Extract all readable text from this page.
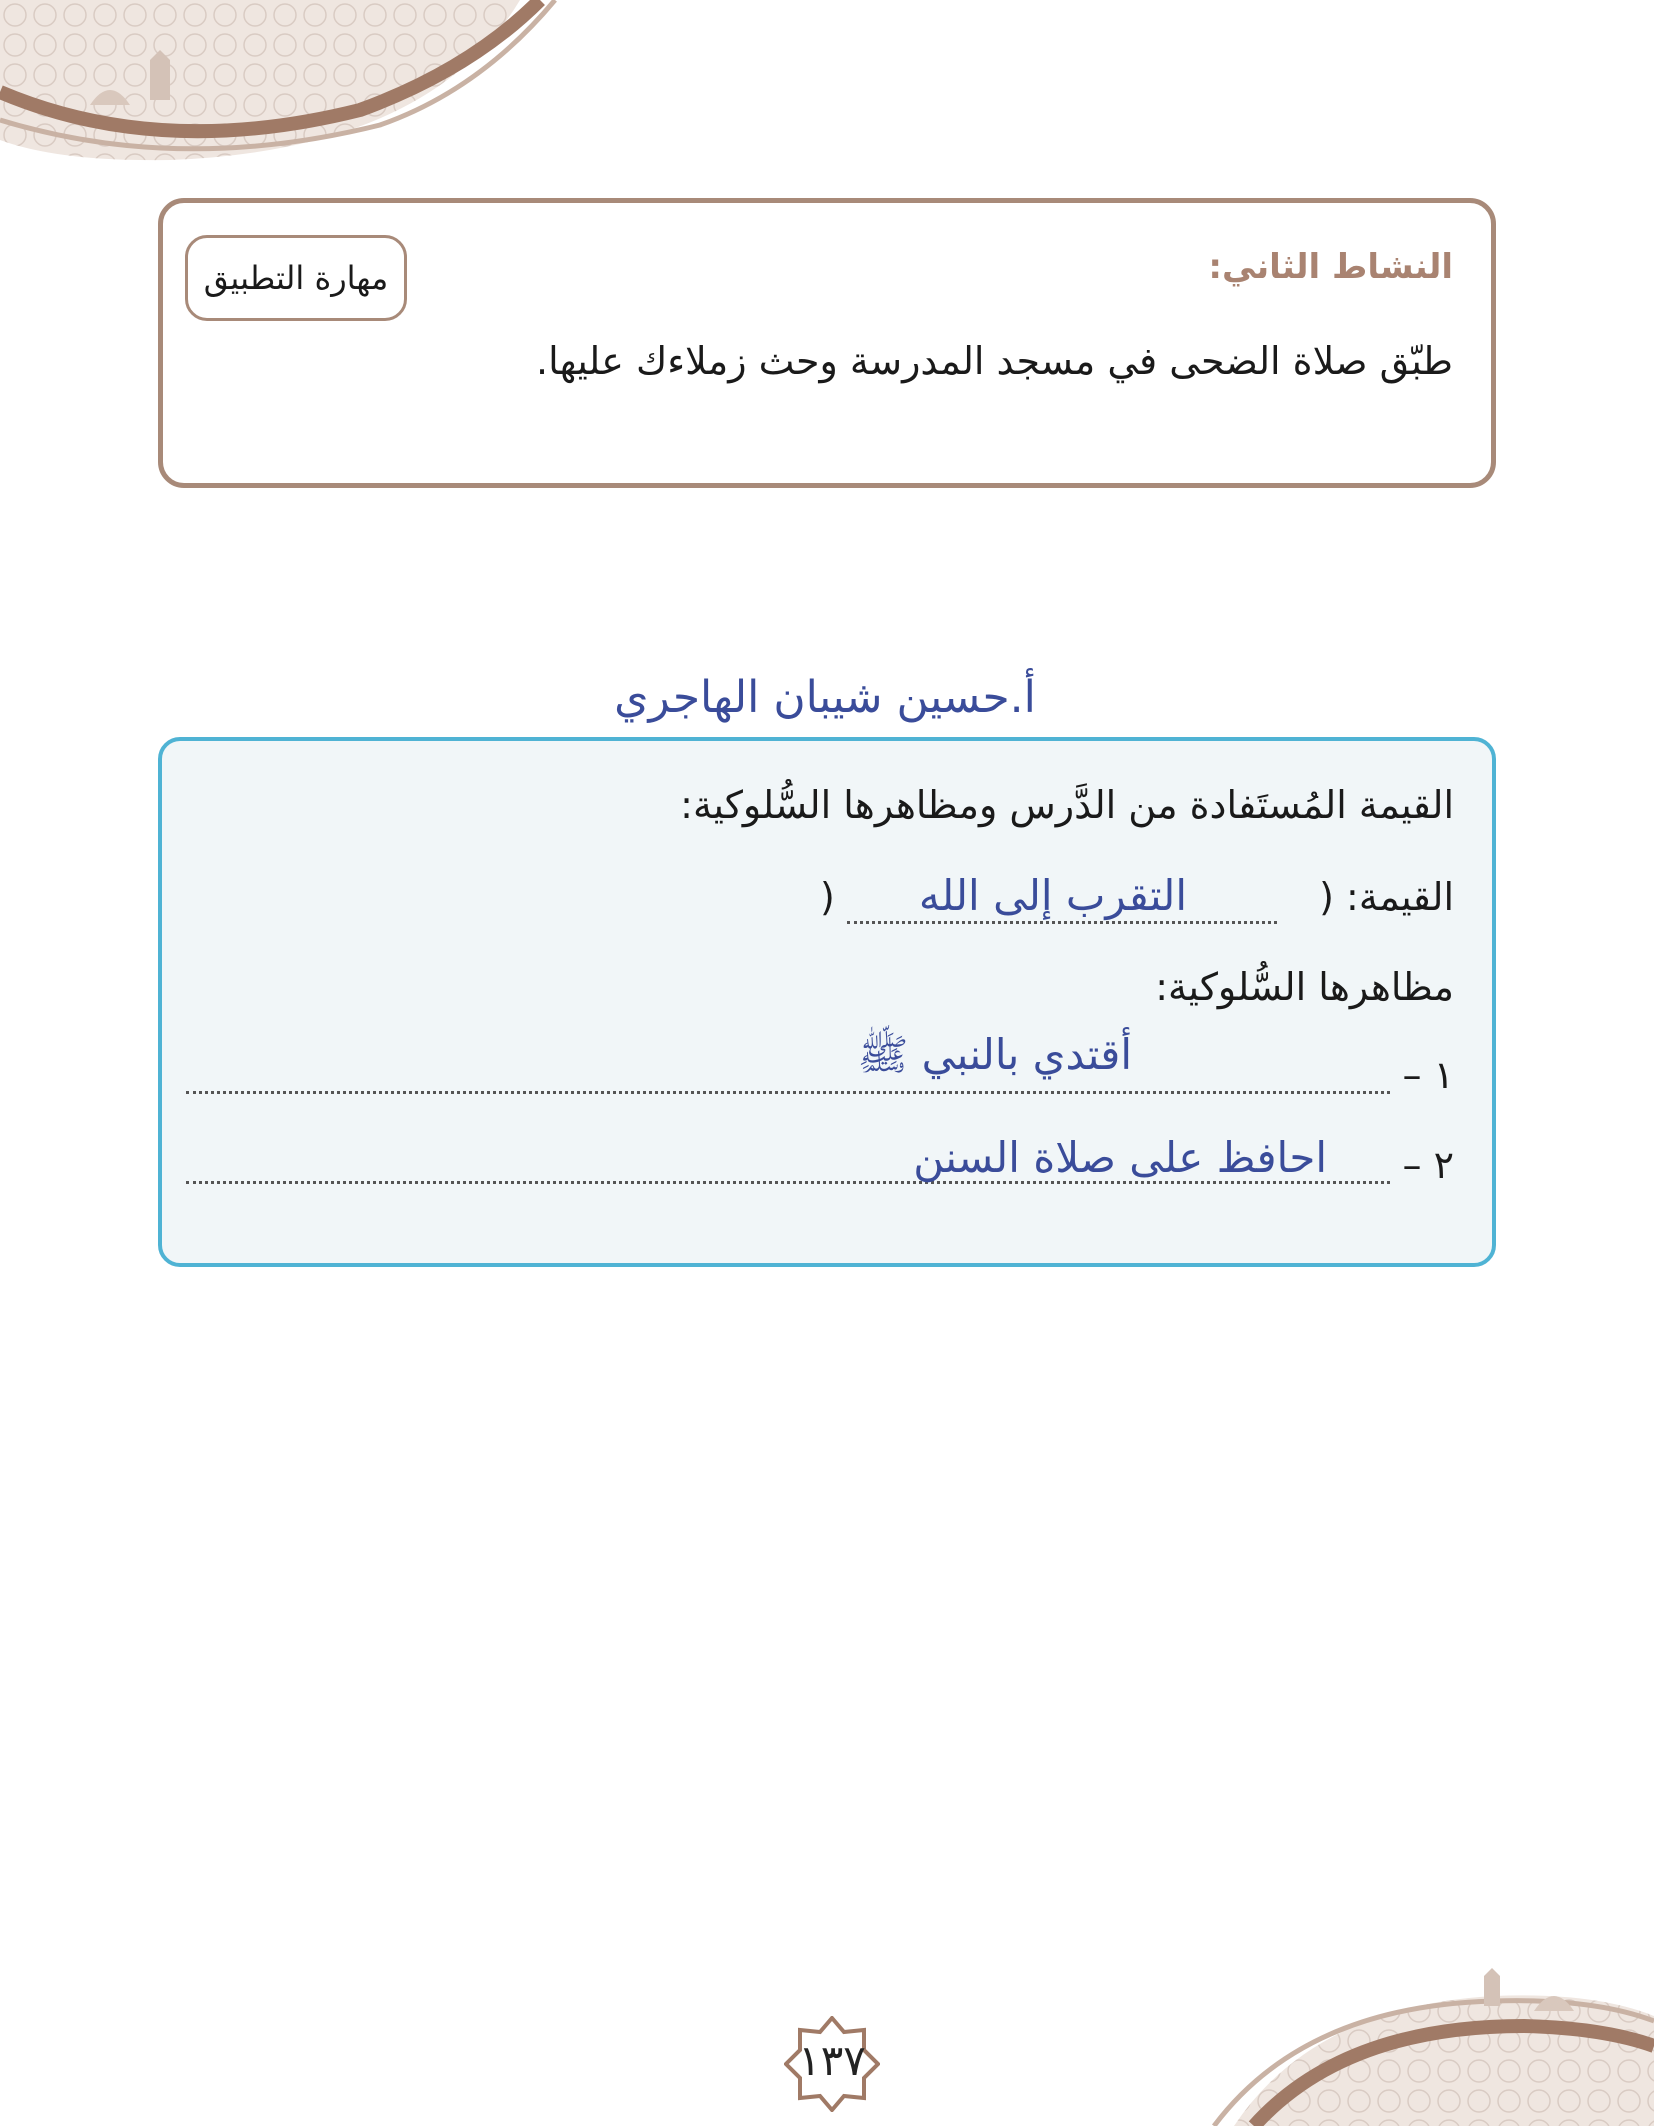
النشاط الثاني:
مهارة التطبيق
طبّق صلاة الضحى في مسجد المدرسة وحث زملاءك عليها.
أ.حسين شيبان الهاجري
القيمة المُستَفادة من الدَّرس ومظاهرها السُّلوكية:
القيمة: (
التقرب إلى الله
)
مظاهرها السُّلوكية:
١ –
أقتدي بالنبي ﷺ
٢ –
احافظ على صلاة السنن
١٣٧
